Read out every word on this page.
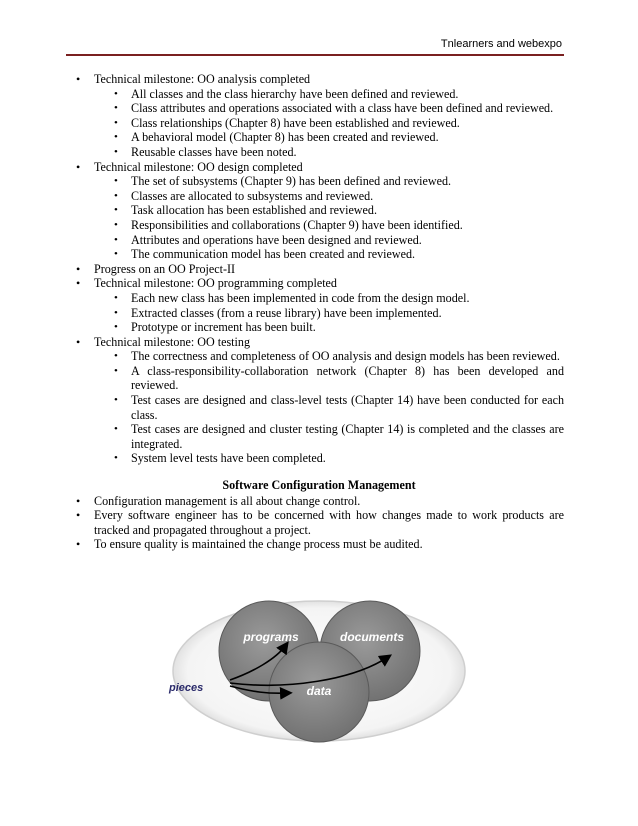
Tnlearners and webexpo
• Technical milestone: OO analysis completed
• All classes and the class hierarchy have been defined and reviewed.
• Class attributes and operations associated with a class have been defined and reviewed.
• Class relationships (Chapter 8) have been established and reviewed.
• A behavioral model (Chapter 8) has been created and reviewed.
• Reusable classes have been noted.
• Technical milestone: OO design completed
• The set of subsystems (Chapter 9) has been defined and reviewed.
• Classes are allocated to subsystems and reviewed.
• Task allocation has been established and reviewed.
• Responsibilities and collaborations (Chapter 9) have been identified.
• Attributes and operations have been designed and reviewed.
• The communication model has been created and reviewed.
• Progress on an OO Project-II
• Technical milestone: OO programming completed
• Each new class has been implemented in code from the design model.
• Extracted classes (from a reuse library) have been implemented.
• Prototype or increment has been built.
• Technical milestone: OO testing
• The correctness and completeness of OO analysis and design models has been reviewed.
• A class-responsibility-collaboration network (Chapter 8) has been developed and reviewed.
• Test cases are designed and class-level tests (Chapter 14) have been conducted for each class.
• Test cases are designed and cluster testing (Chapter 14) is completed and the classes are integrated.
• System level tests have been completed.
Software Configuration Management
• Configuration management is all about change control.
• Every software engineer has to be concerned with how changes made to work products are tracked and propagated throughout a project.
• To ensure quality is maintained the change process must be audited.
programs	documents
data
pieces
